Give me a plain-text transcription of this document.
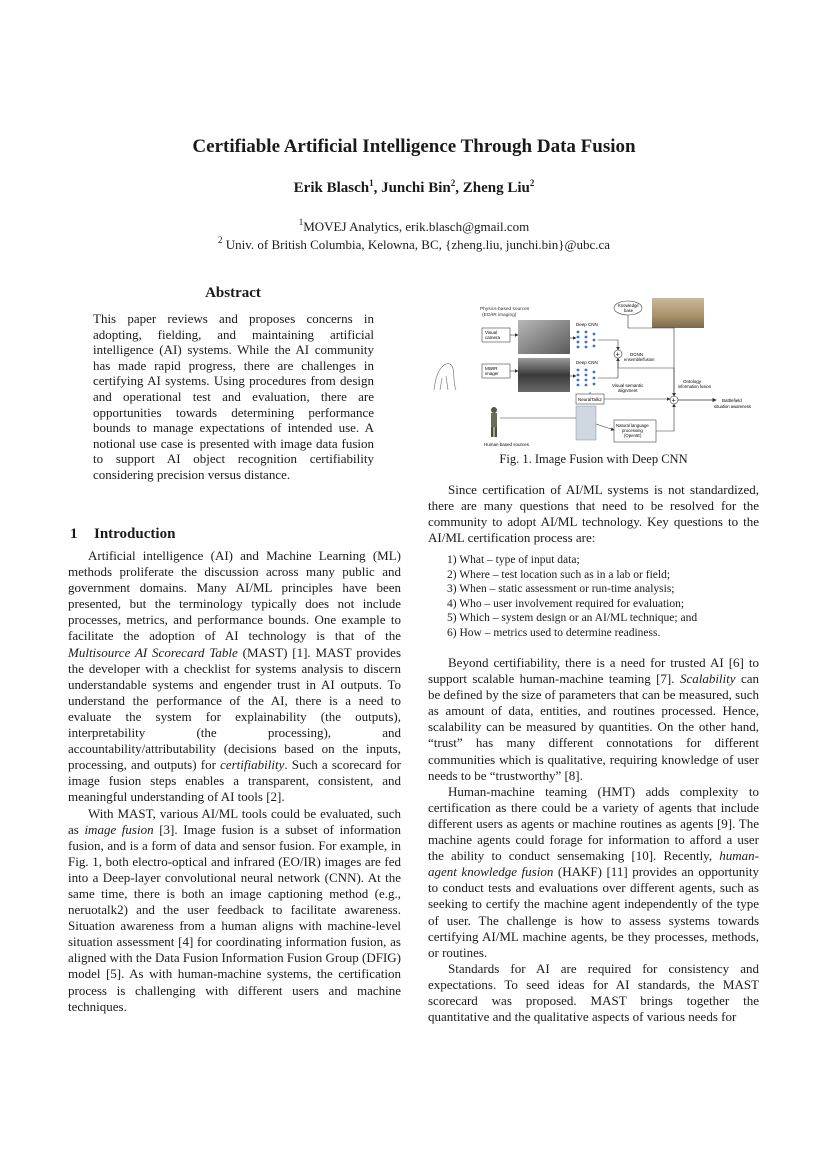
Certifiable Artificial Intelligence Through Data Fusion
Erik Blasch$^1$, Junchi Bin$^2$, Zheng Liu$^2$
$^1$MOVEJ Analytics, erik.blasch@gmail.com
$^2$ Univ. of British Columbia, Kelowna, BC, {zheng.liu, junchi.bin}@ubc.ca
Abstract
This paper reviews and proposes concerns in adopting, fielding, and maintaining artificial intelligence (AI) systems. While the AI community has made rapid progress, there are challenges in certifying AI systems. Using procedures from design and operational test and evaluation, there are opportunities towards determining performance bounds to manage expectations of intended use. A notional use case is presented with image data fusion to support AI object recognition certifiability considering precision versus distance.
1 Introduction

Artificial intelligence (AI) and Machine Learning (ML) methods proliferate the discussion across many public and government domains. Many AI/ML principles have been presented, but the terminology typically does not include processes, metrics, and performance bounds. One example to facilitate the adoption of AI technology is that of the Multisource AI Scorecard Table (MAST) [1]. MAST provides the developer with a checklist for systems analysis to discern understandable systems and engender trust in AI outputs. To understand the performance of the AI, there is a need to evaluate the system for explainability (the outputs), interpretability (the processing), and accountability/attributability (decisions based on the inputs, processing, and outputs) for certifiability. Such a scorecard for image fusion steps enables a transparent, consistent, and meaningful understanding of AI tools [2].

With MAST, various AI/ML tools could be evaluated, such as image fusion [3]. Image fusion is a subset of information fusion, and is a form of data and sensor fusion. For example, in Fig. 1, both electro-optical and infrared (EO/IR) images are fed into a Deep-layer convolutional neural network (CNN). At the same time, there is both an image captioning method (e.g., neruotalk2) and the user feedback to facilitate awareness. Situation awareness from a human aligns with machine-level situation assessment [4] for coordinating information fusion, as aligned with the Data Fusion Information Fusion Group (DFIG) model [5]. As with human-machine systems, the certification process is challenging with different users and machine techniques.

Physics-based sources
(EO/IR imaging)
Visual
camera
MWIR
imager
Deep CNN
Deep CNN
Knowledge
base
+ DCNN
ensemble/fusion
Visual semantic
alignment
+
Ontology
information fusion
Battlefield
situation awareness
NeuralTalk2
Natural language
processing
(OpenIE)
Human based sources
Fig. 1. Image Fusion with Deep CNN

Since certification of AI/ML systems is not standardized, there are many questions that need to be resolved for the community to adopt AI/ML technology. Key questions to the AI/ML certification process are:

1) What – type of input data;
2) Where – test location such as in a lab or field;
3) When – static assessment or run-time analysis;
4) Who – user involvement required for evaluation;
5) Which – system design or an AI/ML technique; and
6) How – metrics used to determine readiness.

Beyond certifiability, there is a need for trusted AI [6] to support scalable human-machine teaming [7]. Scalability can be defined by the size of parameters that can be measured, such as amount of data, entities, and routines processed. Hence, scalability can be measured by quantities. On the other hand, “trust” has many different connotations for different communities which is qualitative, requiring knowledge of user needs to be “trustworthy” [8].

Human-machine teaming (HMT) adds complexity to certification as there could be a variety of agents that include different users as agents or machine routines as agents [9]. The machine agents could forage for information to afford a user the ability to conduct sensemaking [10]. Recently, human-agent knowledge fusion (HAKF) [11] provides an opportunity to conduct tests and evaluations over different agents, such as seeking to certify the machine agent independently of the type of user. The challenge is how to assess systems towards certifying AI/ML machine agents, be they processes, methods, or routines.

Standards for AI are required for consistency and expectations. To seed ideas for AI standards, the MAST scorecard was proposed. MAST brings together the quantitative and the qualitative aspects of various needs for
